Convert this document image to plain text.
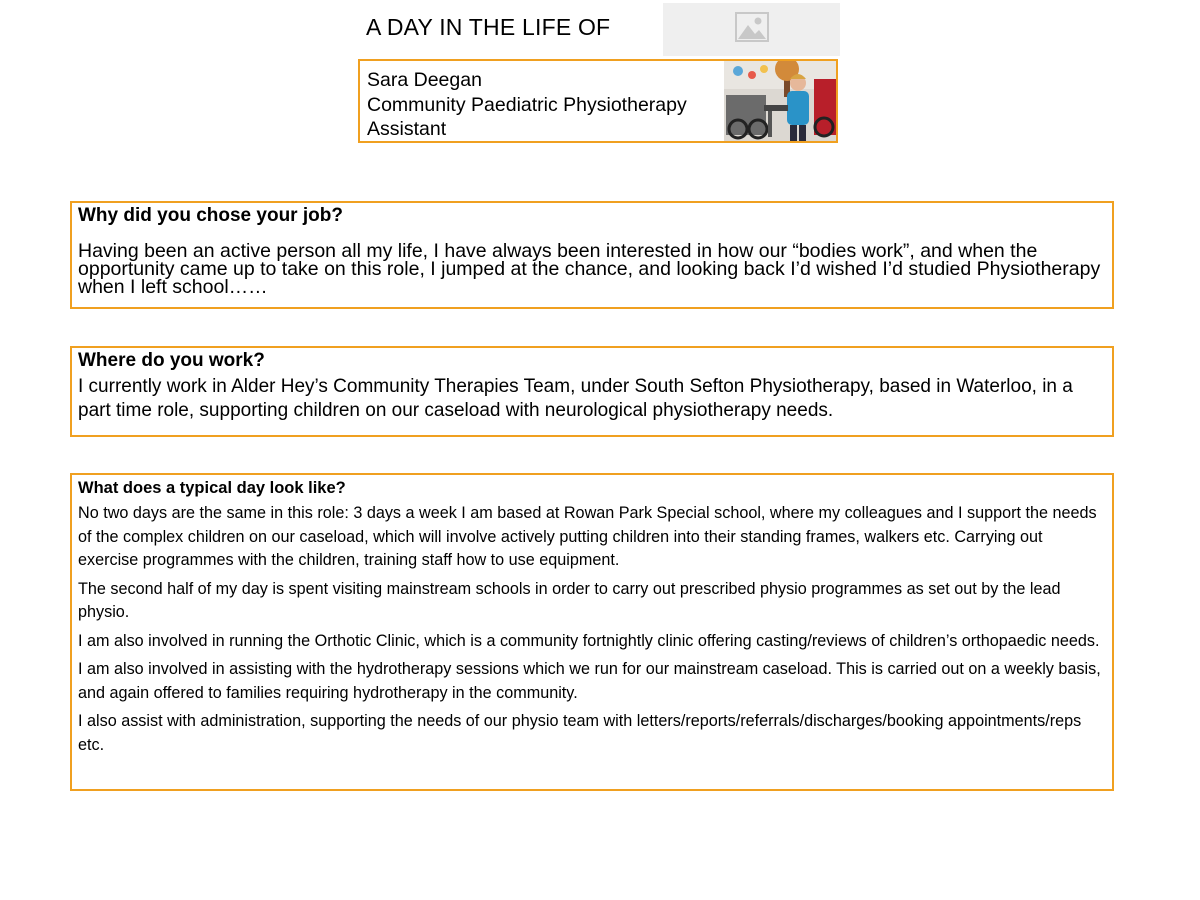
A DAY IN THE LIFE OF
Sara Deegan
Community Paediatric Physiotherapy
Assistant
Why did you chose your job?
Having been an active person all my life, I have always been interested in how our “bodies work”, and when the opportunity came up to take on this role, I jumped at the chance, and looking back I’d wished I’d studied Physiotherapy when I left school……
Where do you work?
I currently work in Alder Hey’s Community Therapies Team, under South Sefton Physiotherapy, based in Waterloo, in a part time role, supporting children on our caseload with neurological physiotherapy needs.
What does a typical day look like?

No two days are the same in this role: 3 days a week I am based at Rowan Park Special school, where my colleagues and I support the needs of the complex children on our caseload, which will involve actively putting children into their standing frames, walkers etc. Carrying out exercise programmes with the children, training staff how to use equipment.

The second half of my day is spent visiting mainstream schools in order to carry out prescribed physio programmes as set out by the lead physio.

I am also involved in running the Orthotic Clinic, which is a community fortnightly clinic offering casting/reviews of children’s orthopaedic needs.

I am also involved in assisting with the hydrotherapy sessions which we run for our mainstream caseload. This is carried out on a weekly basis, and again offered to families requiring hydrotherapy in the community.

I also assist with administration, supporting the needs of our physio team with letters/reports/referrals/discharges/booking appointments/reps etc.
